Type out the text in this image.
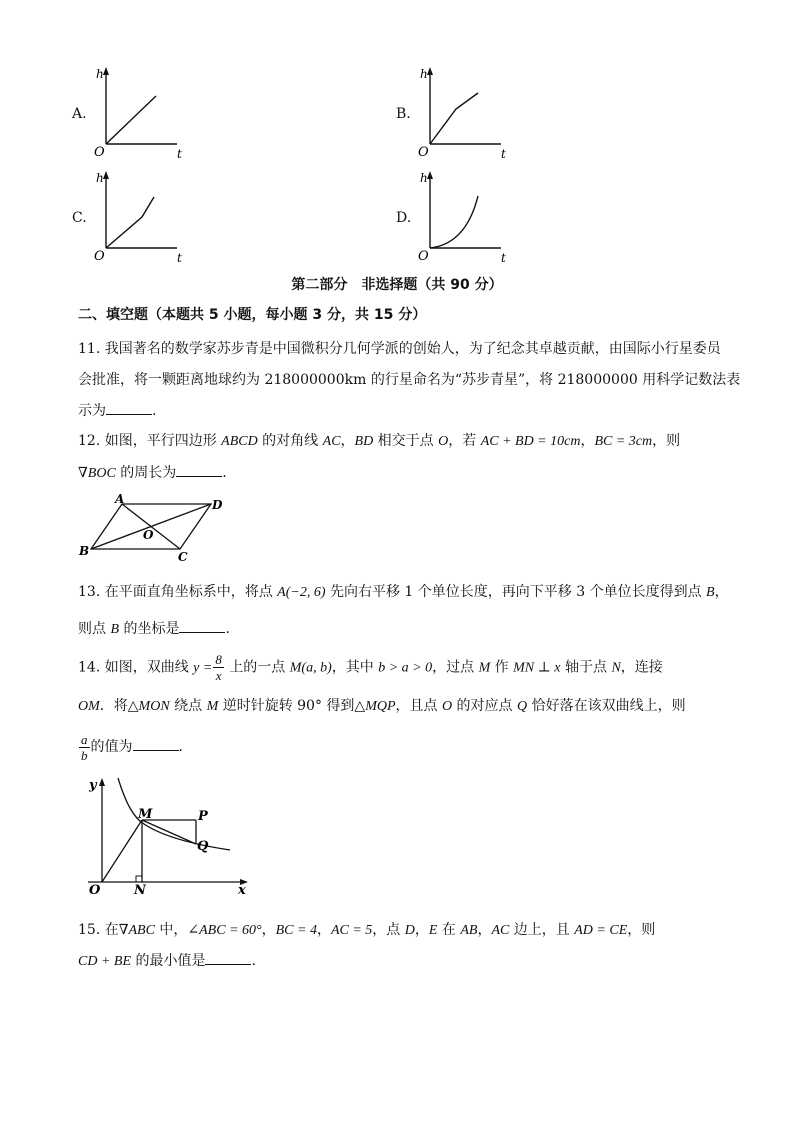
A.
h
t
O
B.
h
t
O
C.
h
t
O
D.
h
t
O
第二部分　非选择题（共 90 分）
二、填空题（本题共 5 小题，每小题 3 分，共 15 分）
11. 我国著名的数学家苏步青是中国微积分几何学派的创始人，为了纪念其卓越贡献，由国际小行星委员
会批准，将一颗距离地球约为 218000000km 的行星命名为“苏步青星”，将 218000000 用科学记数法表
示为	.
12. 如图，平行四边形 ABCD 的对角线 AC，BD 相交于点 O，若 AC + BD = 10cm，BC = 3cm，则
∇BOC 的周长为	.
A	D
B	C
O
13. 在平面直角坐标系中，将点 A(−2, 6) 先向右平移 1 个单位长度，再向下平移 3 个单位长度得到点 B，
则点 B 的坐标是	.
14. 如图，双曲线 $y = \frac{8}{x}$ 上的一点 M(a, b)，其中 b > a > 0，过点 M 作 MN ⊥ x 轴于点 N，连接
OM．将△MON 绕点 M 逆时针旋转 90° 得到△MQP，且点 O 的对应点 Q 恰好落在该双曲线上，则
$\frac{a}{b}$ 的值为	.
y
x
O
M
N
P
Q
15. 在∇ABC 中，∠ABC = 60°，BC = 4，AC = 5，点 D，E 在 AB，AC 边上，且 AD = CE，则
CD + BE 的最小值是	.
